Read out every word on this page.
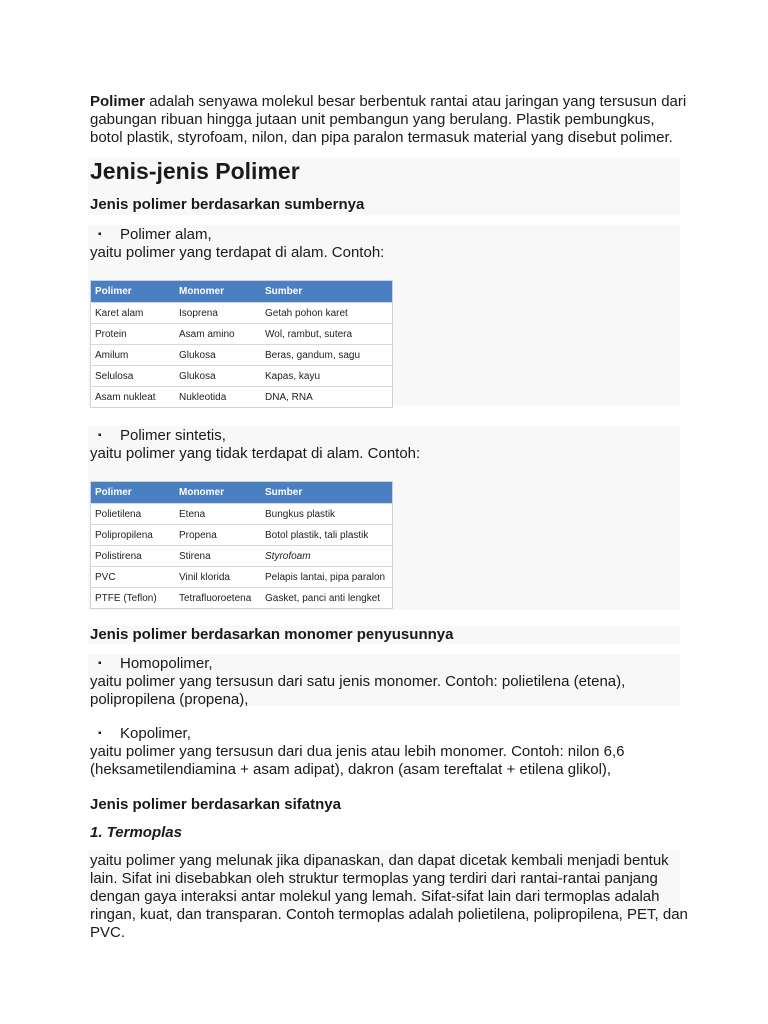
Polimer adalah senyawa molekul besar berbentuk rantai atau jaringan yang tersusun dari gabungan ribuan hingga jutaan unit pembangun yang berulang. Plastik pembungkus, botol plastik, styrofoam, nilon, dan pipa paralon termasuk material yang disebut polimer.
Jenis-jenis Polimer
Jenis polimer berdasarkan sumbernya
▪ Polimer alam,
yaitu polimer yang terdapat di alam. Contoh:
Polimer	Monomer	Sumber
Karet alam	Isoprena	Getah pohon karet
Protein	Asam amino	Wol, rambut, sutera
Amilum	Glukosa	Beras, gandum, sagu
Selulosa	Glukosa	Kapas, kayu
Asam nukleat	Nukleotida	DNA, RNA
▪ Polimer sintetis,
yaitu polimer yang tidak terdapat di alam. Contoh:
Polimer	Monomer	Sumber
Polietilena	Etena	Bungkus plastik
Polipropilena	Propena	Botol plastik, tali plastik
Polistirena	Stirena	Styrofoam
PVC	Vinil klorida	Pelapis lantai, pipa paralon
PTFE (Teflon)	Tetrafluoroetena	Gasket, panci anti lengket
Jenis polimer berdasarkan monomer penyusunnya
▪ Homopolimer,
yaitu polimer yang tersusun dari satu jenis monomer. Contoh: polietilena (etena),
polipropilena (propena),
▪ Kopolimer,
yaitu polimer yang tersusun dari dua jenis atau lebih monomer. Contoh: nilon 6,6
(heksametilendiamina + asam adipat), dakron (asam tereftalat + etilena glikol),
Jenis polimer berdasarkan sifatnya
1. Termoplas
yaitu polimer yang melunak jika dipanaskan, dan dapat dicetak kembali menjadi bentuk lain. Sifat ini disebabkan oleh struktur termoplas yang terdiri dari rantai-rantai panjang dengan gaya interaksi antar molekul yang lemah. Sifat-sifat lain dari termoplas adalah ringan, kuat, dan transparan. Contoh termoplas adalah polietilena, polipropilena, PET, dan PVC.
